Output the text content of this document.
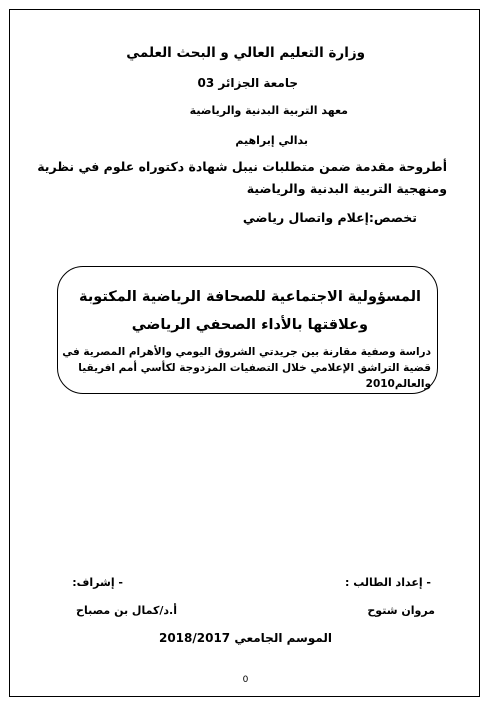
وزارة التعليم العالي و البحث العلمي
جامعة الجزائر 03
معهد التربية البدنية والرياضية
بدالي إبراهيم
أطروحة مقدمة ضمن متطلبات نيبل شهادة دكتوراه علوم في نظرية
ومنهجية التربية البدنية والرياضية
تخصص:إعلام واتصال رياضي
المسؤولية الاجتماعية للصحافة الرياضية المكتوبة
وعلاقتها بالأداء الصحفي الرياضي
دراسة وصفية مقارنة بين جريدتي الشروق اليومي والأهرام المصرية في
قضية التراشق الإعلامي خلال التصفيات المزدوجة لكأسي أمم افريقيا
والعالم2010
- إعداد الطالب :
- إشراف:
مروان شتوح
أ.د/كمال بن مصباح
الموسم الجامعي 2018/2017
0
